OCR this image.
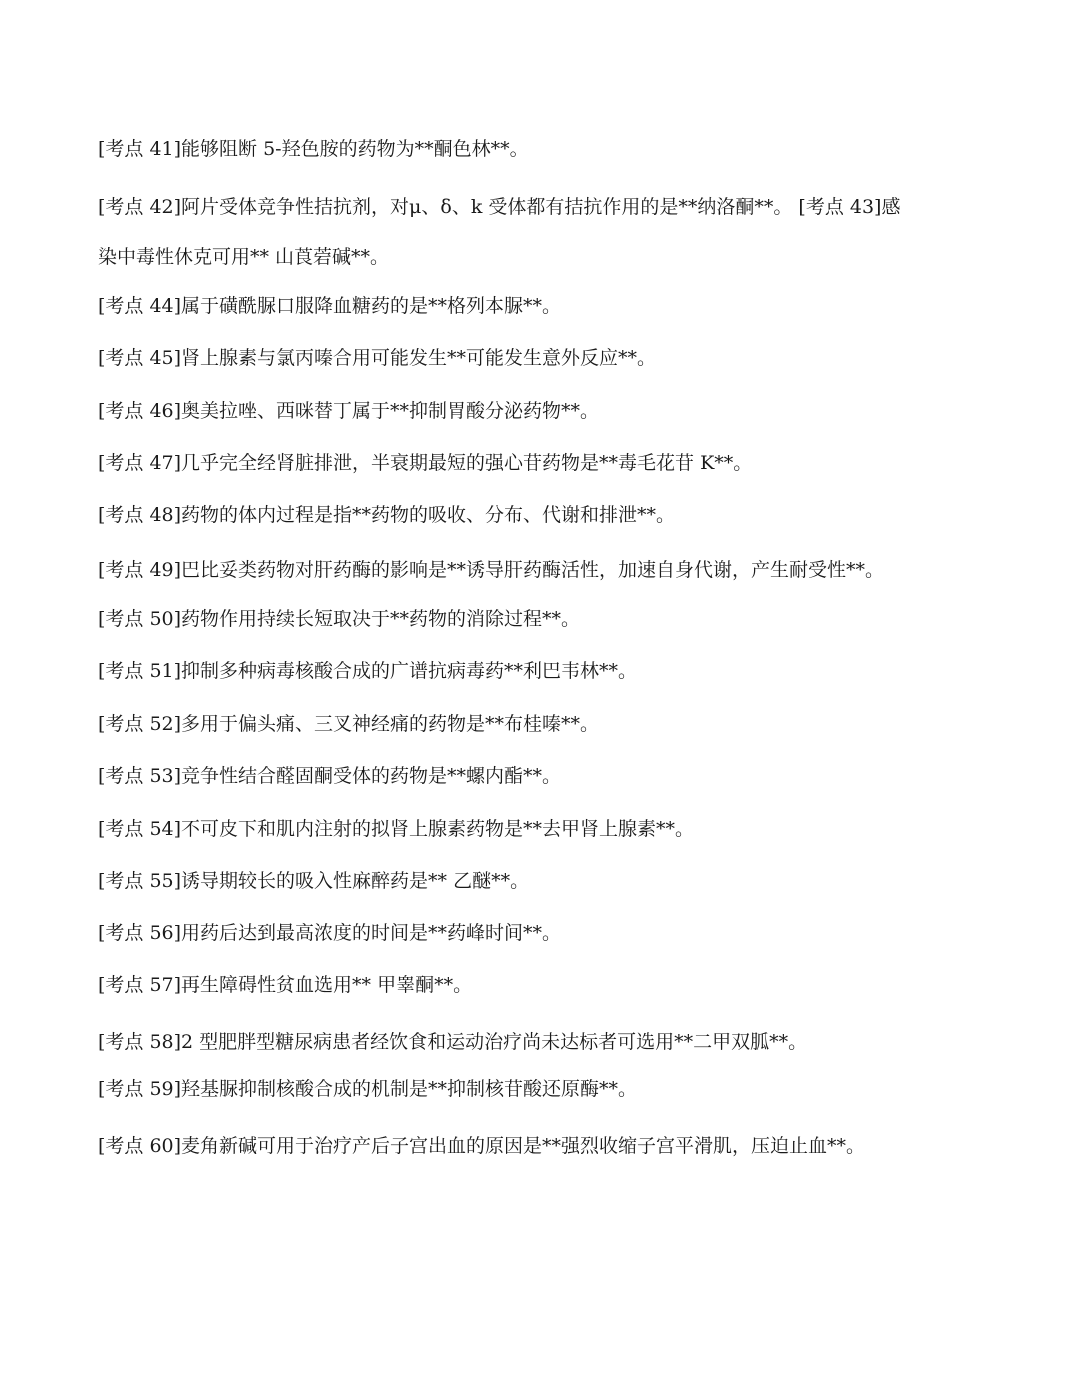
[考点 41]能够阻断 5-羟色胺的药物为**酮色林**。
[考点 42]阿片受体竞争性拮抗剂，对μ、δ、k 受体都有拮抗作用的是**纳洛酮**。 [考点 43]感
染中毒性休克可用** 山莨菪碱**。
[考点 44]属于磺酰脲口服降血糖药的是**格列本脲**。
[考点 45]肾上腺素与氯丙嗪合用可能发生**可能发生意外反应**。
[考点 46]奥美拉唑、西咪替丁属于**抑制胃酸分泌药物**。
[考点 47]几乎完全经肾脏排泄，半衰期最短的强心苷药物是**毒毛花苷 K**。
[考点 48]药物的体内过程是指**药物的吸收、分布、代谢和排泄**。
[考点 49]巴比妥类药物对肝药酶的影响是**诱导肝药酶活性，加速自身代谢，产生耐受性**。
[考点 50]药物作用持续长短取决于**药物的消除过程**。
[考点 51]抑制多种病毒核酸合成的广谱抗病毒药**利巴韦林**。
[考点 52]多用于偏头痛、三叉神经痛的药物是**布桂嗪**。
[考点 53]竞争性结合醛固酮受体的药物是**螺内酯**。
[考点 54]不可皮下和肌内注射的拟肾上腺素药物是**去甲肾上腺素**。
[考点 55]诱导期较长的吸入性麻醉药是** 乙醚**。
[考点 56]用药后达到最高浓度的时间是**药峰时间**。
[考点 57]再生障碍性贫血选用** 甲睾酮**。
[考点 58]2 型肥胖型糖尿病患者经饮食和运动治疗尚未达标者可选用**二甲双胍**。
[考点 59]羟基脲抑制核酸合成的机制是**抑制核苷酸还原酶**。
[考点 60]麦角新碱可用于治疗产后子宫出血的原因是**强烈收缩子宫平滑肌，压迫止血**。
